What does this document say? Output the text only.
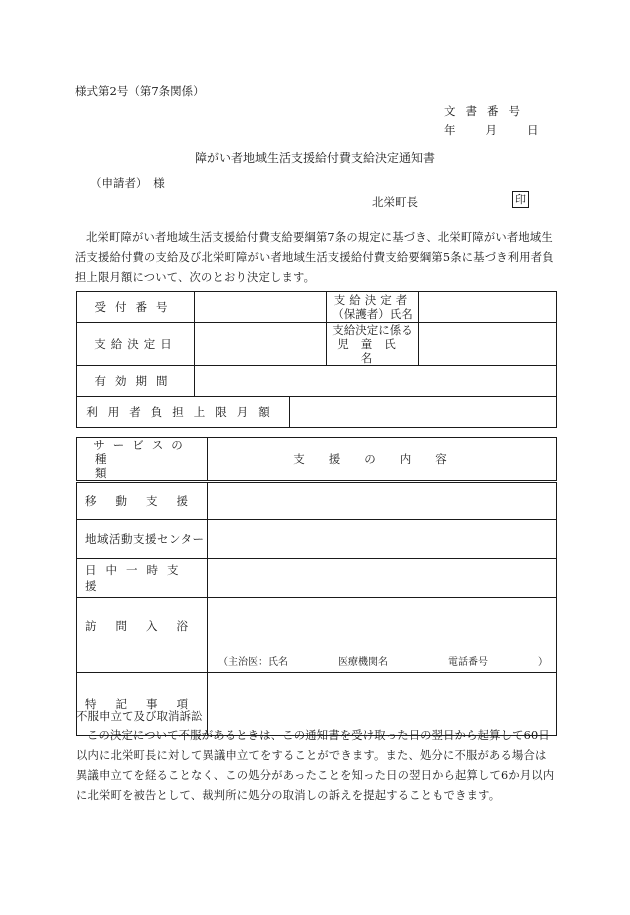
様式第2号（第7条関係）
文書番号
年	月	日
障がい者地域生活支援給付費支給決定通知書
（申請者）　様
北栄町長	印
北栄町障がい者地域生活支援給付費支給要綱第7条の規定に基づき、北栄町障がい者地域生活支援給付費の支給及び北栄町障がい者地域生活支援給付費支給要綱第5条に基づき利用者負担上限月額について、次のとおり決定します。
受付番号			支給決定者
（保護者）氏名	

支給決定日			支給決定に係る
児童氏名	

有効期間				
利用者負担上限月額				
サービスの
種類	支援の内容
移動支援	
地域活動支援センター	
日中一時支援	
訪問入浴	（主治医：氏名 医療機関名 電話番号 ）
特記事項	
不服申立て及び取消訴訟
この決定について不服があるときは、この通知書を受け取った日の翌日から起算して60日以内に北栄町長に対して異議申立てをすることができます。また、処分に不服がある場合は異議申立てを経ることなく、この処分があったことを知った日の翌日から起算して6か月以内に北栄町を被告として、裁判所に処分の取消しの訴えを提起することもできます。
